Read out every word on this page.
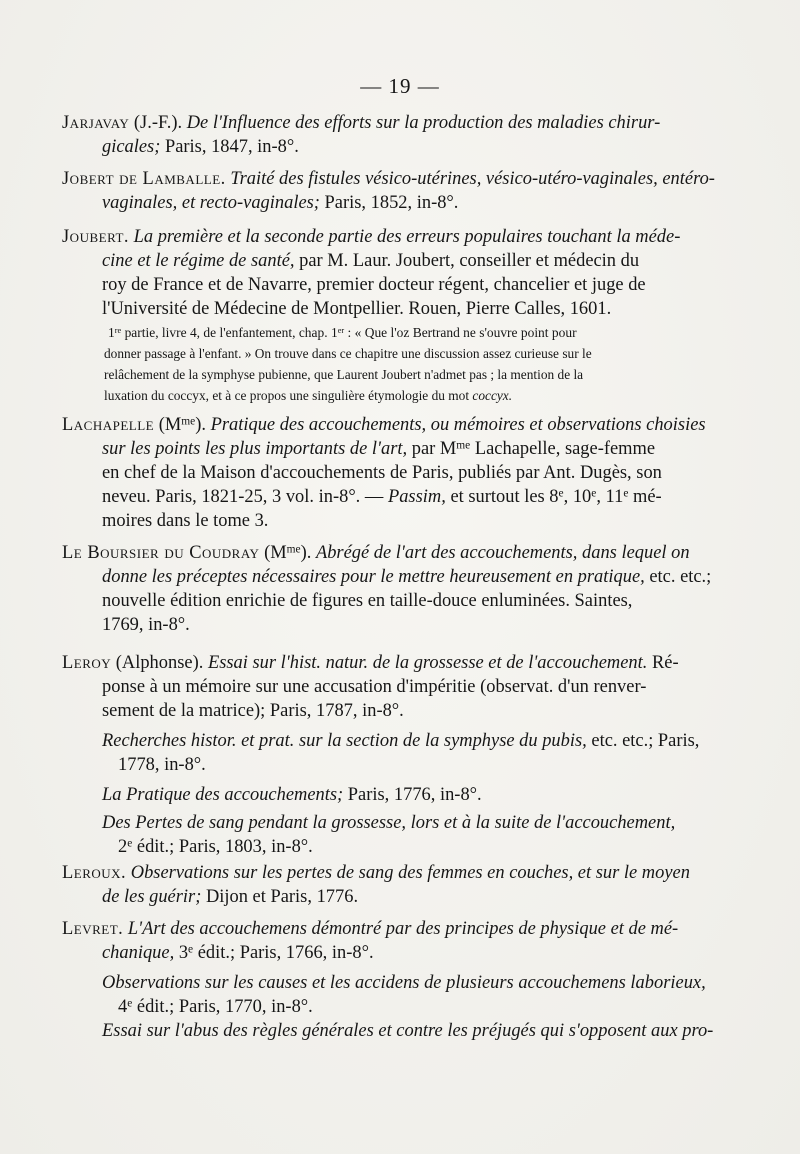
— 19 —
Jarjavay (J.-F.). De l'Influence des efforts sur la production des maladies chirur-
gicales; Paris, 1847, in-8°.
Jobert de Lamballe. Traité des fistules vésico-utérines, vésico-utéro-vaginales, entéro-
vaginales, et recto-vaginales; Paris, 1852, in-8°.
Joubert. La première et la seconde partie des erreurs populaires touchant la méde-
cine et le régime de santé, par M. Laur. Joubert, conseiller et médecin du
roy de France et de Navarre, premier docteur régent, chancelier et juge de
l'Université de Médecine de Montpellier. Rouen, Pierre Calles, 1601.
1re partie, livre 4, de l'enfantement, chap. 1er : « Que l'oz Bertrand ne s'ouvre point pour
donner passage à l'enfant. » On trouve dans ce chapitre une discussion assez curieuse sur le
relâchement de la symphyse pubienne, que Laurent Joubert n'admet pas ; la mention de la
luxation du coccyx, et à ce propos une singulière étymologie du mot coccyx.
Lachapelle $(M^{me})$. Pratique des accouchements, ou mémoires et observations choisies
sur les points les plus importants de l'art, par $M^{me}$ Lachapelle, sage-femme
en chef de la Maison d'accouchements de Paris, publiés par Ant. Dugès, son
neveu. Paris, 1821-25, 3 vol. in-8°. — Passim, et surtout les 8e, 10e, 11e mé-
moires dans le tome 3.
Le Boursier du Coudray $(M^{me})$. Abrégé de l'art des accouchements, dans lequel on
donne les préceptes nécessaires pour le mettre heureusement en pratique, etc. etc.;
nouvelle édition enrichie de figures en taille-douce enluminées. Saintes,
1769, in-8°.
Leroy (Alphonse). Essai sur l'hist. natur. de la grossesse et de l'accouchement. Ré-
ponse à un mémoire sur une accusation d'impéritie (observat. d'un renver-
sement de la matrice); Paris, 1787, in-8°.
Recherches histor. et prat. sur la section de la symphyse du pubis, etc. etc.; Paris,
1778, in-8°.
La Pratique des accouchements; Paris, 1776, in-8°.
Des Pertes de sang pendant la grossesse, lors et à la suite de l'accouchement,
2e édit.; Paris, 1803, in-8°.
Leroux. Observations sur les pertes de sang des femmes en couches, et sur le moyen
de les guérir; Dijon et Paris, 1776.
Levret. L'Art des accouchemens démontré par des principes de physique et de mé-
chanique, 3e édit.; Paris, 1766, in-8°.
Observations sur les causes et les accidens de plusieurs accouchemens laborieux,
4e édit.; Paris, 1770, in-8°.
Essai sur l'abus des règles générales et contre les préjugés qui s'opposent aux pro-
